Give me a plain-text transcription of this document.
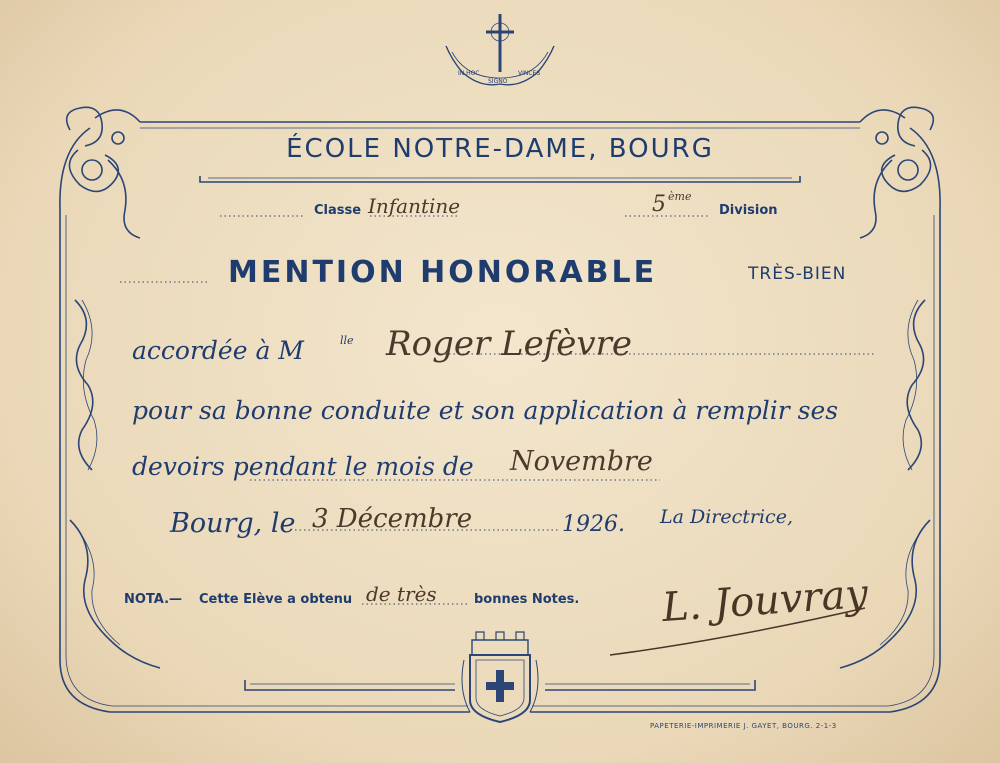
IN HOC
SIGNO
VINCES
ÉCOLE NOTRE-DAME, BOURG
Classe Infantine	5 ème
Division
MENTION HONORABLE	TRÈS-BIEN
accordée à M	lle Roger Lefèvre
pour sa bonne conduite et son application à remplir ses
devoirs pendant le mois de Novembre
Bourg, le 3 Décembre	1926. La Directrice,
NOTA.— Cette Elève a obtenu de très	bonnes Notes. L. Jouvray
PAPETERIE-IMPRIMERIE J. GAYET, BOURG. 2-1-3
